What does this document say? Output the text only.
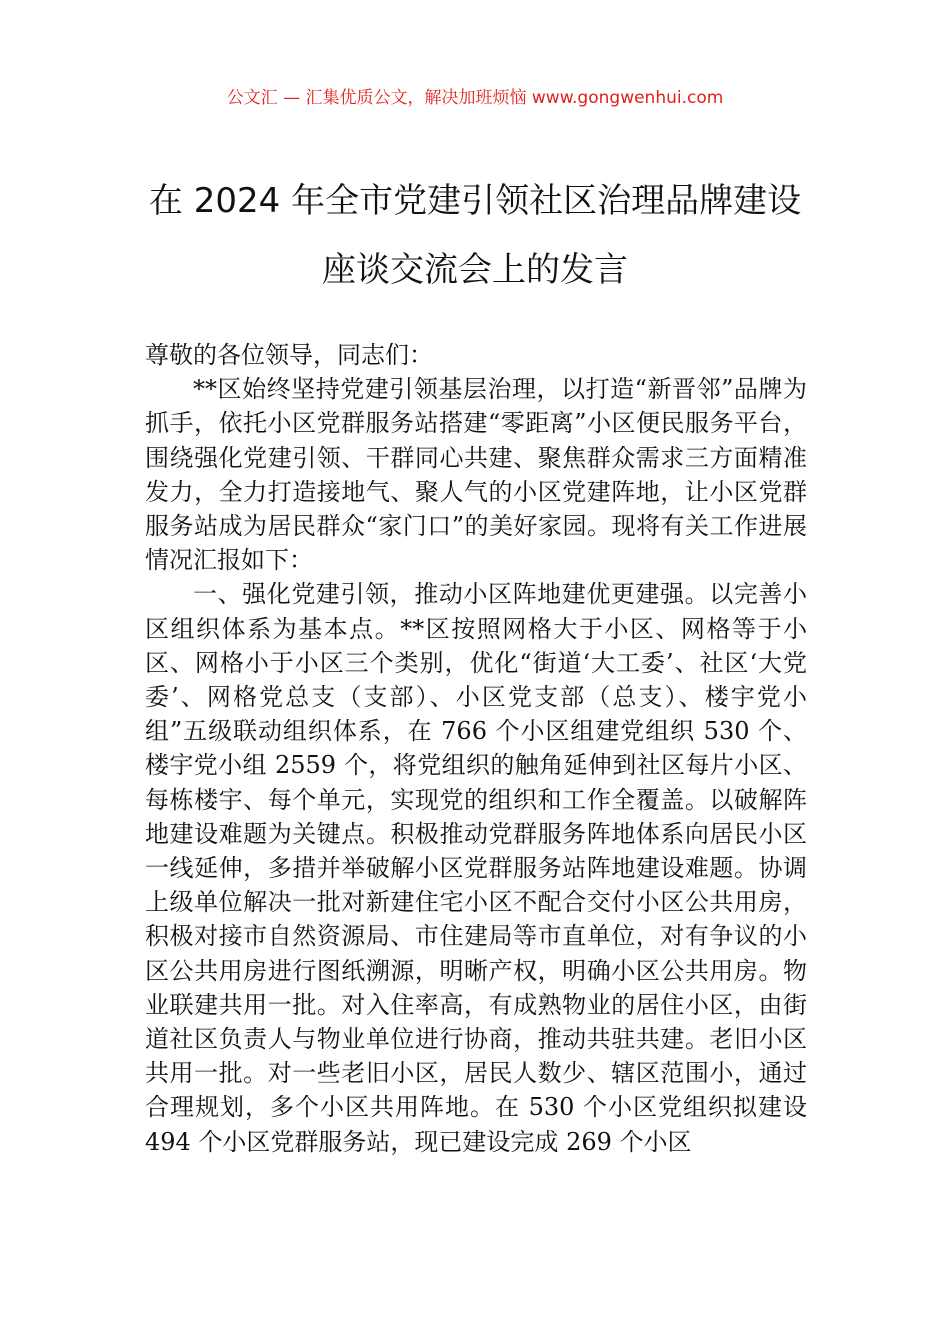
公文汇 — 汇集优质公文，解决加班烦恼 www.gongwenhui.com
在 2024 年全市党建引领社区治理品牌建设
座谈交流会上的发言

尊敬的各位领导，同志们：

**区始终坚持党建引领基层治理，以打造“新晋邻”品牌为抓手，依托小区党群服务站搭建“零距离”小区便民服务平台，围绕强化党建引领、干群同心共建、聚焦群众需求三方面精准发力，全力打造接地气、聚人气的小区党建阵地，让小区党群服务站成为居民群众“家门口”的美好家园。现将有关工作进展情况汇报如下：

一、强化党建引领，推动小区阵地建优更建强。以完善小区组织体系为基本点。**区按照网格大于小区、网格等于小区、网格小于小区三个类别，优化“街道‘大工委’、社区‘大党委’、网格党总支（支部）、小区党支部（总支）、楼宇党小组”五级联动组织体系，在 766 个小区组建党组织 530 个、楼宇党小组 2559 个，将党组织的触角延伸到社区每片小区、每栋楼宇、每个单元，实现党的组织和工作全覆盖。以破解阵地建设难题为关键点。积极推动党群服务阵地体系向居民小区一线延伸，多措并举破解小区党群服务站阵地建设难题。协调上级单位解决一批对新建住宅小区不配合交付小区公共用房，积极对接市自然资源局、市住建局等市直单位，对有争议的小区公共用房进行图纸溯源，明晰产权，明确小区公共用房。物业联建共用一批。对入住率高，有成熟物业的居住小区，由街道社区负责人与物业单位进行协商，推动共驻共建。老旧小区共用一批。对一些老旧小区，居民人数少、辖区范围小，通过合理规划，多个小区共用阵地。在 530 个小区党组织拟建设 494 个小区党群服务站，现已建设完成 269 个小区
